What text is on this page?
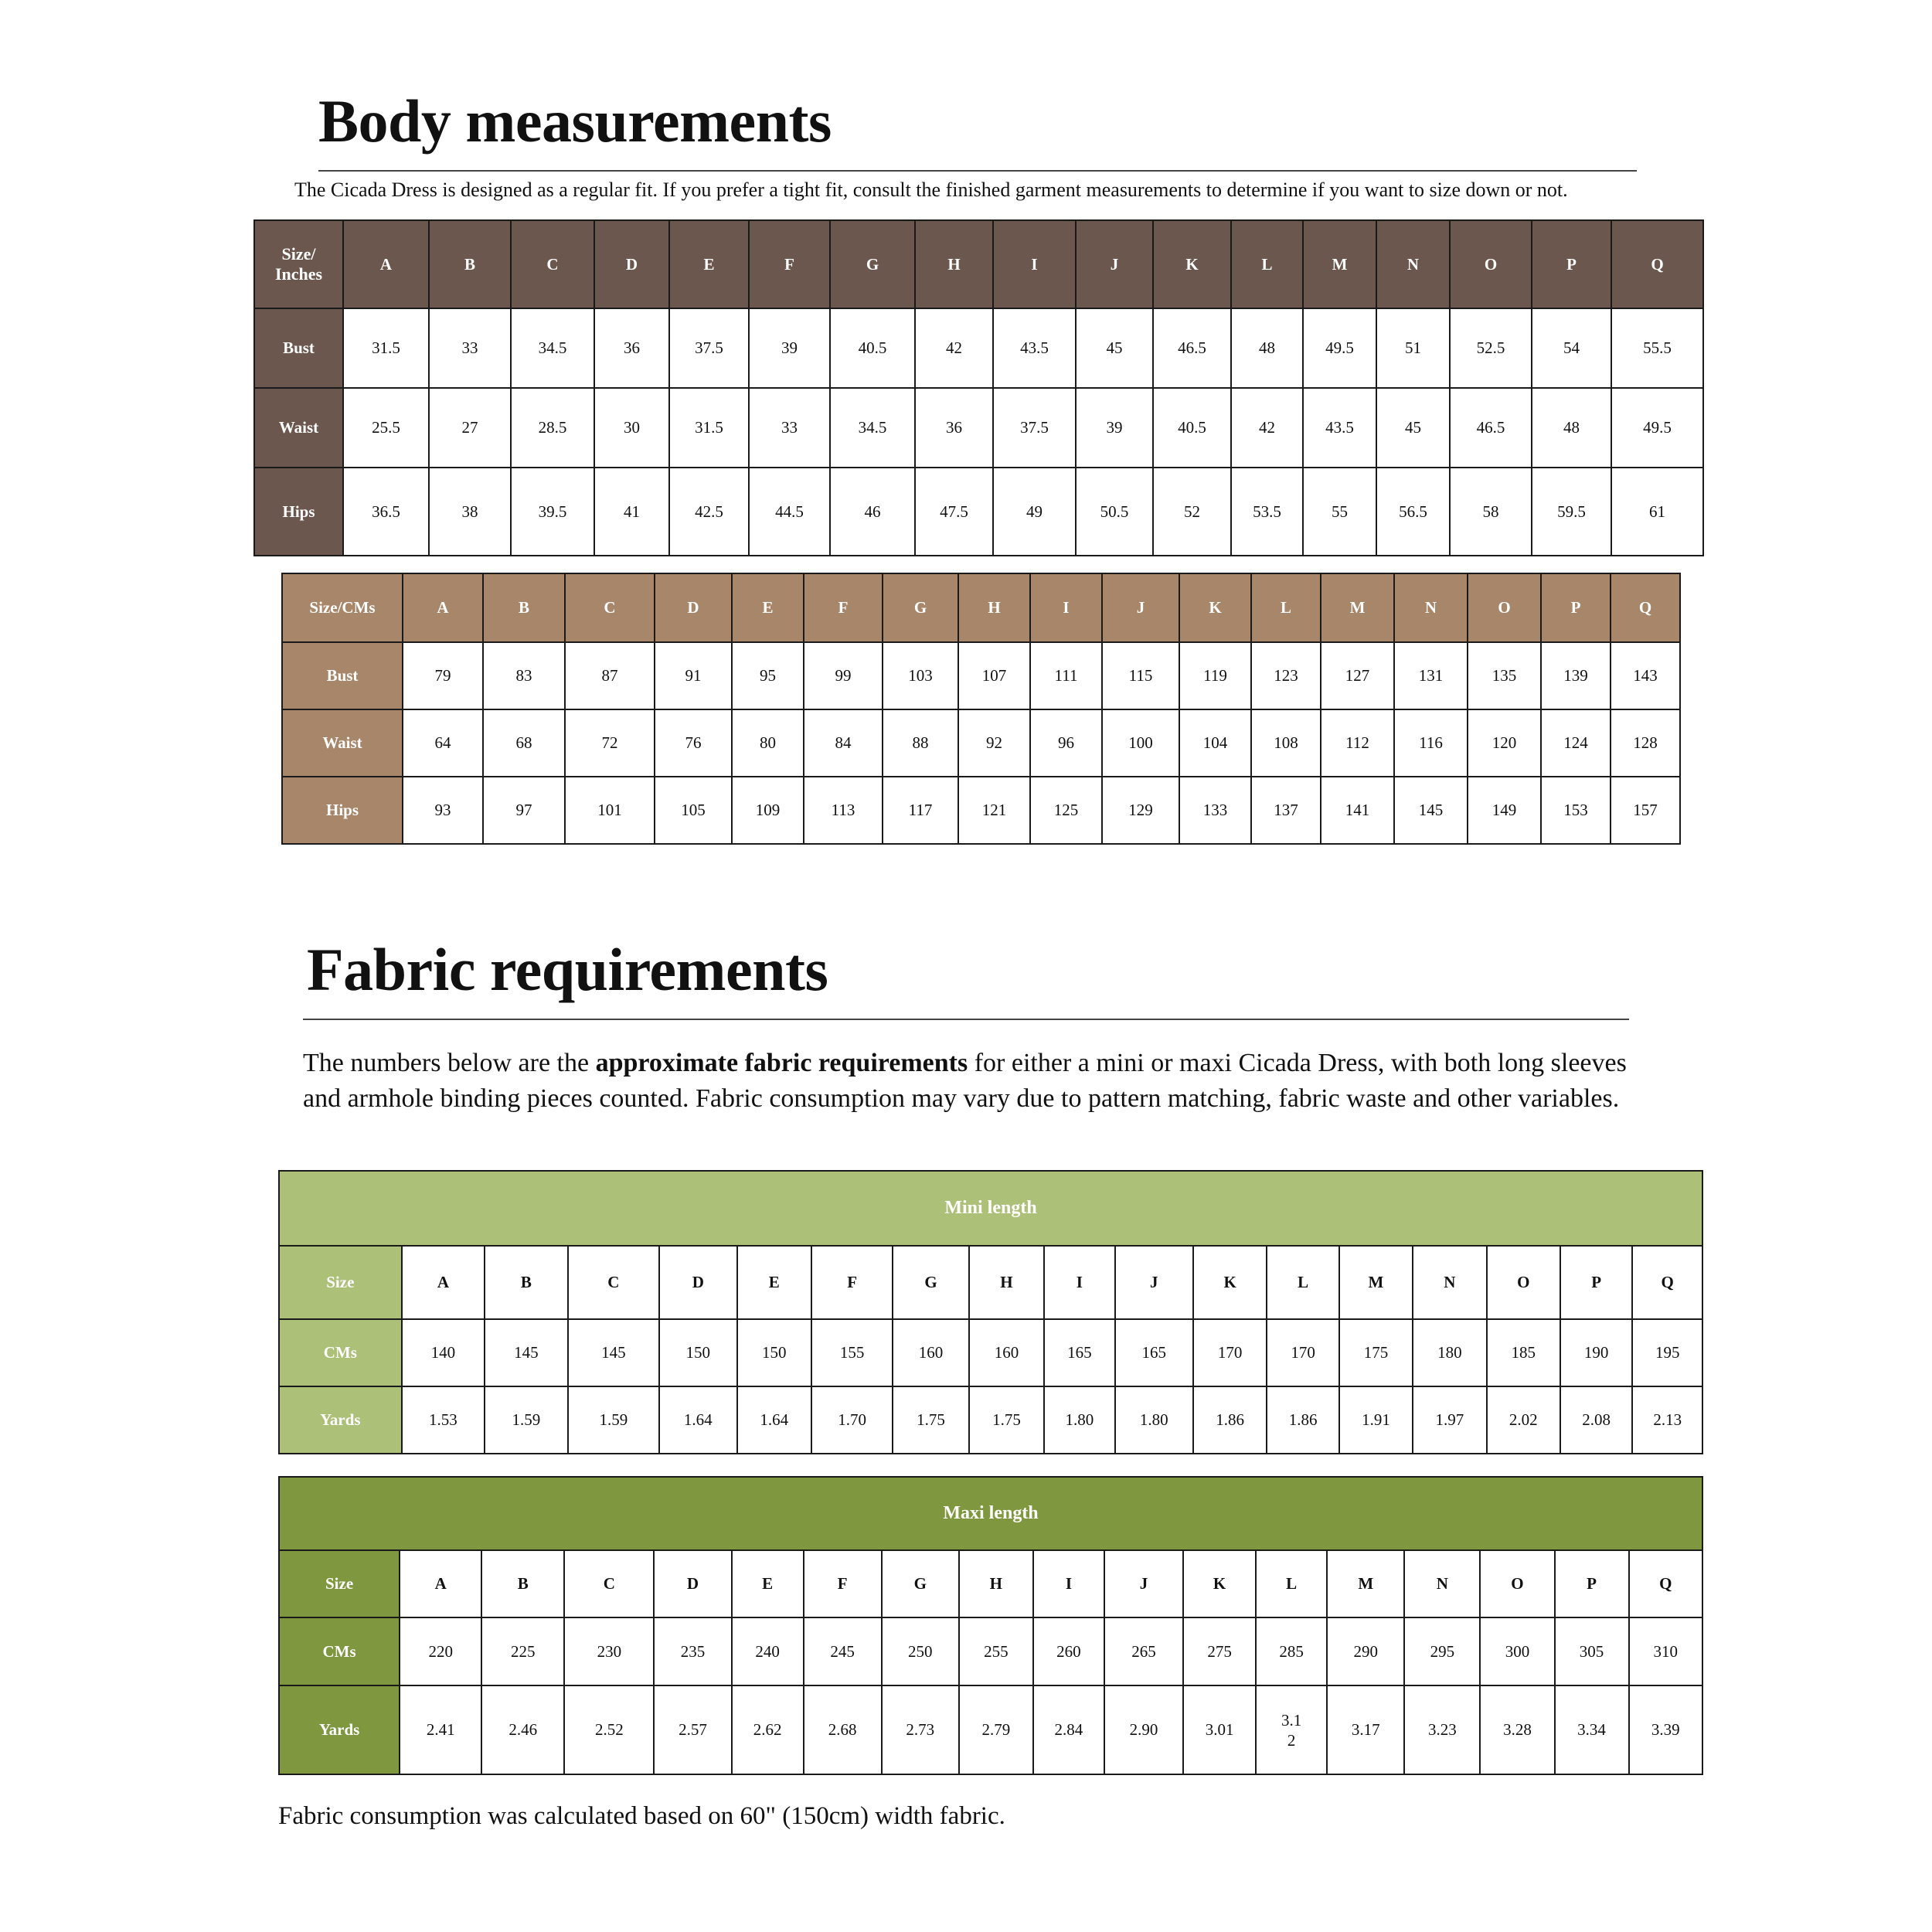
Body measurements
The Cicada Dress is designed as a regular fit. If you prefer a tight fit, consult the finished garment measurements to determine if you want to size down or not.
Size/
Inches	A	B	C	D	E	F	G	H	I	J	K	L	M	N	O	P	Q
Bust	31.5	33	34.5	36	37.5	39	40.5	42	43.5	45	46.5	48	49.5	51	52.5	54	55.5
Waist	25.5	27	28.5	30	31.5	33	34.5	36	37.5	39	40.5	42	43.5	45	46.5	48	49.5
Hips	36.5	38	39.5	41	42.5	44.5	46	47.5	49	50.5	52	53.5	55	56.5	58	59.5	61
Size/CMs	A	B	C	D	E	F	G	H	I	J	K	L	M	N	O	P	Q
Bust	79	83	87	91	95	99	103	107	111	115	119	123	127	131	135	139	143
Waist	64	68	72	76	80	84	88	92	96	100	104	108	112	116	120	124	128
Hips	93	97	101	105	109	113	117	121	125	129	133	137	141	145	149	153	157
Fabric requirements
The numbers below are the approximate fabric requirements for either a mini or maxi Cicada Dress, with both long sleeves and armhole binding pieces counted. Fabric consumption may vary due to pattern matching, fabric waste and other variables.
Mini length																	
Size	A	B	C	D	E	F	G	H	I	J	K	L	M	N	O	P	Q
CMs	140	145	145	150	150	155	160	160	165	165	170	170	175	180	185	190	195
Yards	1.53	1.59	1.59	1.64	1.64	1.70	1.75	1.75	1.80	1.80	1.86	1.86	1.91	1.97	2.02	2.08	2.13
Maxi length																	
Size	A	B	C	D	E	F	G	H	I	J	K	L	M	N	O	P	Q
CMs	220	225	230	235	240	245	250	255	260	265	275	285	290	295	300	305	310
Yards	2.41	2.46	2.52	2.57	2.62	2.68	2.73	2.79	2.84	2.90	3.01	3.12	3.17	3.23	3.28	3.34	3.39
Fabric consumption was calculated based on 60" (150cm) width fabric.
